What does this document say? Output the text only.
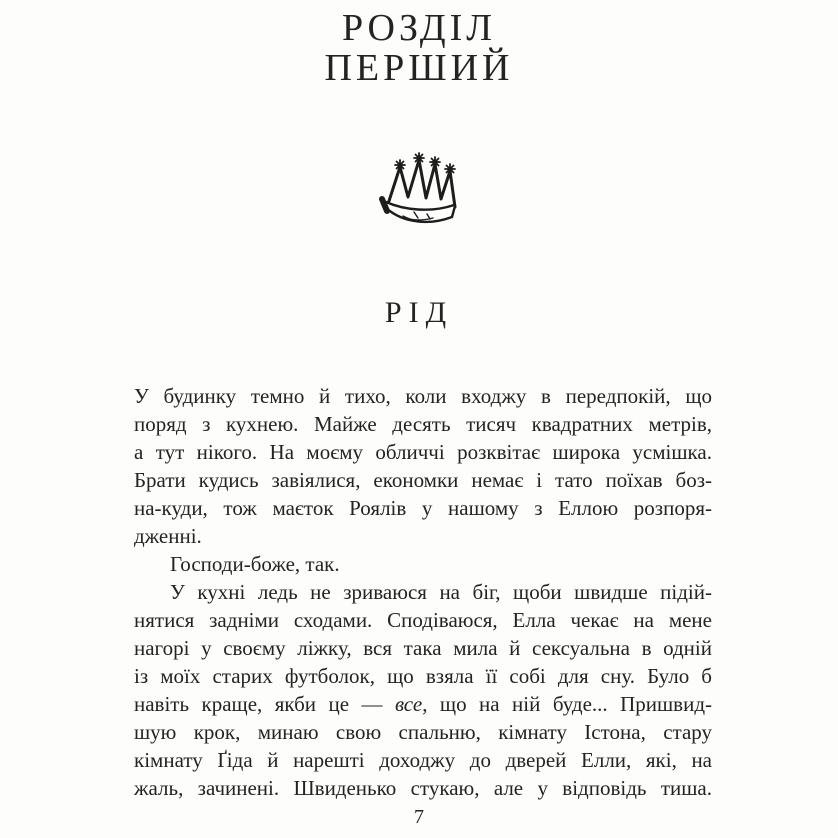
РОЗДІЛ
ПЕРШИЙ
РІД
У будинку темно й тихо, коли входжу в передпокій, що
поряд з кухнею. Майже десять тисяч квадратних метрів,
а тут нікого. На моєму обличчі розквітає широка усмішка.
Брати кудись завіялися, економки немає і тато поїхав боз-
на-куди, тож маєток Роялів у нашому з Еллою розпоря-
дженні.
Господи-боже, так.
У кухні ледь не зриваюся на біг, щоби швидше підій-
нятися задніми сходами. Сподіваюся, Елла чекає на мене
нагорі у своєму ліжку, вся така мила й сексуальна в одній
із моїх старих футболок, що взяла її собі для сну. Було б
навіть краще, якби це — все, що на ній буде... Пришвид-
шую крок, минаю свою спальню, кімнату Істона, стару
кімнату Ґіда й нарешті доходжу до дверей Елли, які, на
жаль, зачинені. Швиденько стукаю, але у відповідь тиша.
7
